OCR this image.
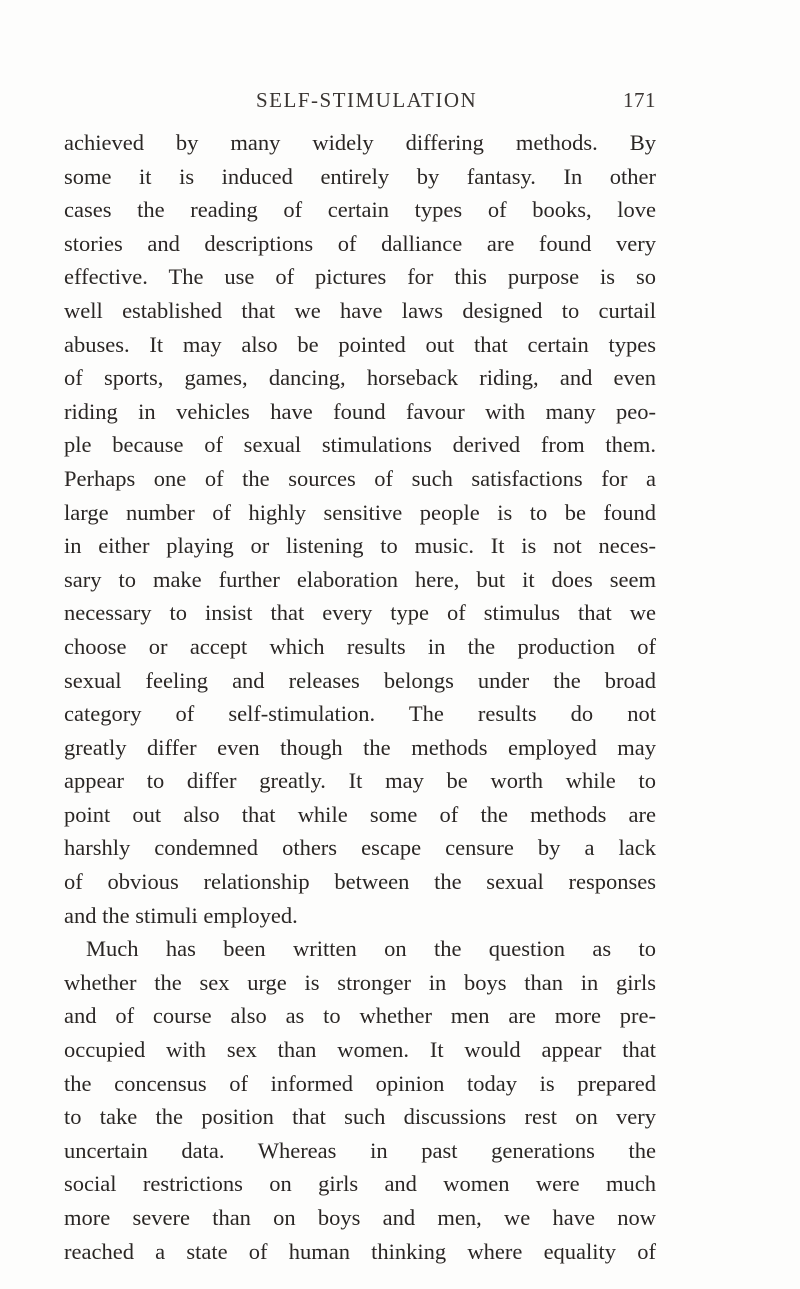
SELF-STIMULATION	171
achieved by many widely differing methods. By
some it is induced entirely by fantasy. In other
cases the reading of certain types of books, love
stories and descriptions of dalliance are found very
effective. The use of pictures for this purpose is so
well established that we have laws designed to curtail
abuses. It may also be pointed out that certain types
of sports, games, dancing, horseback riding, and even
riding in vehicles have found favour with many peo-
ple because of sexual stimulations derived from them.
Perhaps one of the sources of such satisfactions for a
large number of highly sensitive people is to be found
in either playing or listening to music. It is not neces-
sary to make further elaboration here, but it does seem
necessary to insist that every type of stimulus that we
choose or accept which results in the production of
sexual feeling and releases belongs under the broad
category of self-stimulation. The results do not
greatly differ even though the methods employed may
appear to differ greatly. It may be worth while to
point out also that while some of the methods are
harshly condemned others escape censure by a lack
of obvious relationship between the sexual responses
and the stimuli employed.
Much has been written on the question as to
whether the sex urge is stronger in boys than in girls
and of course also as to whether men are more pre-
occupied with sex than women. It would appear that
the concensus of informed opinion today is prepared
to take the position that such discussions rest on very
uncertain data. Whereas in past generations the
social restrictions on girls and women were much
more severe than on boys and men, we have now
reached a state of human thinking where equality of
